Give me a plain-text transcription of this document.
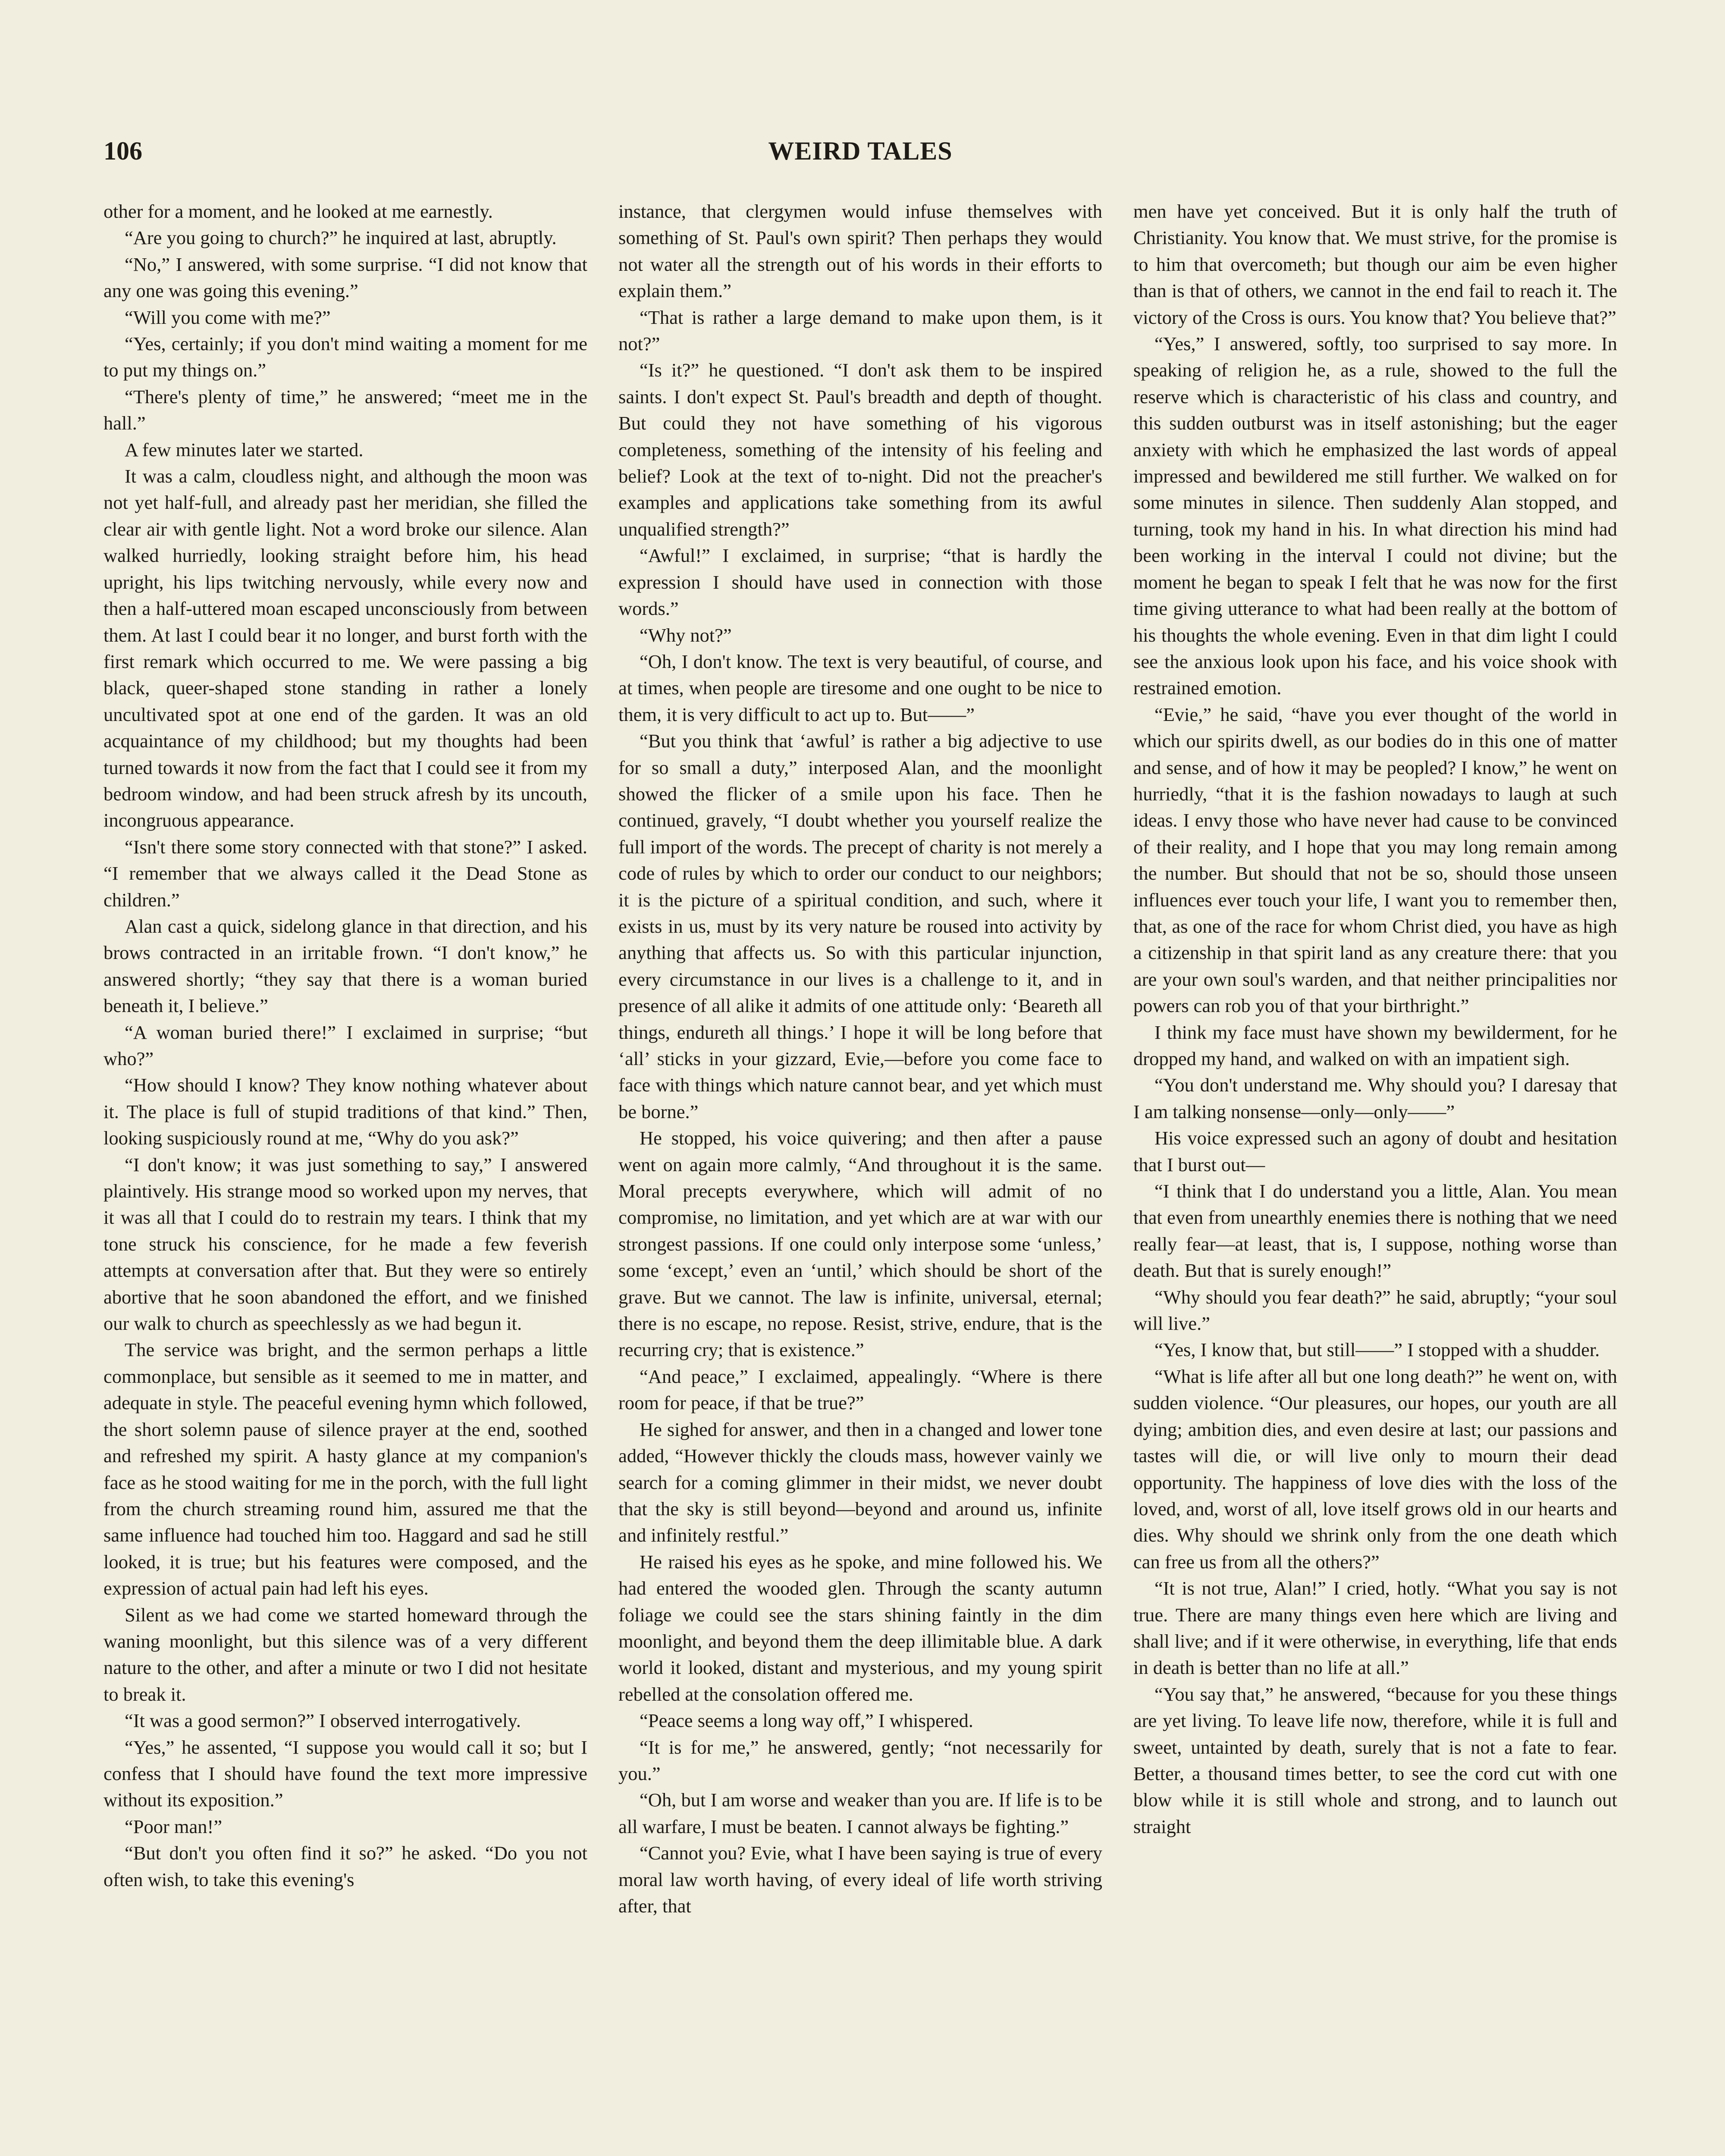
106	WEIRD TALES

other for a moment, and he looked at me earnestly.

“Are you going to church?” he inquired at last, abruptly.

“No,” I answered, with some surprise. “I did not know that any one was going this evening.”

“Will you come with me?”

“Yes, certainly; if you don't mind waiting a moment for me to put my things on.”

“There's plenty of time,” he answered; “meet me in the hall.”

A few minutes later we started.

It was a calm, cloudless night, and although the moon was not yet half-full, and already past her meridian, she filled the clear air with gentle light. Not a word broke our silence. Alan walked hurriedly, looking straight before him, his head upright, his lips twitching nervously, while every now and then a half-uttered moan escaped unconsciously from between them. At last I could bear it no longer, and burst forth with the first remark which occurred to me. We were passing a big black, queer-shaped stone standing in rather a lonely uncultivated spot at one end of the garden. It was an old acquaintance of my childhood; but my thoughts had been turned towards it now from the fact that I could see it from my bedroom window, and had been struck afresh by its uncouth, incongruous appearance.

“Isn't there some story connected with that stone?” I asked. “I remember that we always called it the Dead Stone as children.”

Alan cast a quick, sidelong glance in that direction, and his brows contracted in an irritable frown. “I don't know,” he answered shortly; “they say that there is a woman buried beneath it, I believe.”

“A woman buried there!” I exclaimed in surprise; “but who?”

“How should I know? They know nothing whatever about it. The place is full of stupid traditions of that kind.” Then, looking suspiciously round at me, “Why do you ask?”

“I don't know; it was just something to say,” I answered plaintively. His strange mood so worked upon my nerves, that it was all that I could do to restrain my tears. I think that my tone struck his conscience, for he made a few feverish attempts at conversation after that. But they were so entirely abortive that he soon abandoned the effort, and we finished our walk to church as speechlessly as we had begun it.

The service was bright, and the sermon perhaps a little commonplace, but sensible as it seemed to me in matter, and adequate in style. The peaceful evening hymn which followed, the short solemn pause of silence prayer at the end, soothed and refreshed my spirit. A hasty glance at my companion's face as he stood waiting for me in the porch, with the full light from the church streaming round him, assured me that the same influence had touched him too. Haggard and sad he still looked, it is true; but his features were composed, and the expression of actual pain had left his eyes.

Silent as we had come we started homeward through the waning moonlight, but this silence was of a very different nature to the other, and after a minute or two I did not hesitate to break it.

“It was a good sermon?” I observed interrogatively.

“Yes,” he assented, “I suppose you would call it so; but I confess that I should have found the text more impressive without its exposition.”

“Poor man!”

“But don't you often find it so?” he asked. “Do you not often wish, to take this evening's

instance, that clergymen would infuse themselves with something of St. Paul's own spirit? Then perhaps they would not water all the strength out of his words in their efforts to explain them.”

“That is rather a large demand to make upon them, is it not?”

“Is it?” he questioned. “I don't ask them to be inspired saints. I don't expect St. Paul's breadth and depth of thought. But could they not have something of his vigorous completeness, something of the intensity of his feeling and belief? Look at the text of to-night. Did not the preacher's examples and applications take something from its awful unqualified strength?”

“Awful!” I exclaimed, in surprise; “that is hardly the expression I should have used in connection with those words.”

“Why not?”

“Oh, I don't know. The text is very beautiful, of course, and at times, when people are tiresome and one ought to be nice to them, it is very difficult to act up to. But——”

“But you think that ‘awful’ is rather a big adjective to use for so small a duty,” interposed Alan, and the moonlight showed the flicker of a smile upon his face. Then he continued, gravely, “I doubt whether you yourself realize the full import of the words. The precept of charity is not merely a code of rules by which to order our conduct to our neighbors; it is the picture of a spiritual condition, and such, where it exists in us, must by its very nature be roused into activity by anything that affects us. So with this particular injunction, every circumstance in our lives is a challenge to it, and in presence of all alike it admits of one attitude only: ‘Beareth all things, endureth all things.’ I hope it will be long before that ‘all’ sticks in your gizzard, Evie,—before you come face to face with things which nature cannot bear, and yet which must be borne.”

He stopped, his voice quivering; and then after a pause went on again more calmly, “And throughout it is the same. Moral precepts everywhere, which will admit of no compromise, no limitation, and yet which are at war with our strongest passions. If one could only interpose some ‘unless,’ some ‘except,’ even an ‘until,’ which should be short of the grave. But we cannot. The law is infinite, universal, eternal; there is no escape, no repose. Resist, strive, endure, that is the recurring cry; that is existence.”

“And peace,” I exclaimed, appealingly. “Where is there room for peace, if that be true?”

He sighed for answer, and then in a changed and lower tone added, “However thickly the clouds mass, however vainly we search for a coming glimmer in their midst, we never doubt that the sky is still beyond—beyond and around us, infinite and infinitely restful.”

He raised his eyes as he spoke, and mine followed his. We had entered the wooded glen. Through the scanty autumn foliage we could see the stars shining faintly in the dim moonlight, and beyond them the deep illimitable blue. A dark world it looked, distant and mysterious, and my young spirit rebelled at the consolation offered me.

“Peace seems a long way off,” I whispered.

“It is for me,” he answered, gently; “not necessarily for you.”

“Oh, but I am worse and weaker than you are. If life is to be all warfare, I must be beaten. I cannot always be fighting.”

“Cannot you? Evie, what I have been saying is true of every moral law worth having, of every ideal of life worth striving after, that

men have yet conceived. But it is only half the truth of Christianity. You know that. We must strive, for the promise is to him that overcometh; but though our aim be even higher than is that of others, we cannot in the end fail to reach it. The victory of the Cross is ours. You know that? You believe that?”

“Yes,” I answered, softly, too surprised to say more. In speaking of religion he, as a rule, showed to the full the reserve which is characteristic of his class and country, and this sudden outburst was in itself astonishing; but the eager anxiety with which he emphasized the last words of appeal impressed and bewildered me still further. We walked on for some minutes in silence. Then suddenly Alan stopped, and turning, took my hand in his. In what direction his mind had been working in the interval I could not divine; but the moment he began to speak I felt that he was now for the first time giving utterance to what had been really at the bottom of his thoughts the whole evening. Even in that dim light I could see the anxious look upon his face, and his voice shook with restrained emotion.

“Evie,” he said, “have you ever thought of the world in which our spirits dwell, as our bodies do in this one of matter and sense, and of how it may be peopled? I know,” he went on hurriedly, “that it is the fashion nowadays to laugh at such ideas. I envy those who have never had cause to be convinced of their reality, and I hope that you may long remain among the number. But should that not be so, should those unseen influences ever touch your life, I want you to remember then, that, as one of the race for whom Christ died, you have as high a citizenship in that spirit land as any creature there: that you are your own soul's warden, and that neither principalities nor powers can rob you of that your birthright.”

I think my face must have shown my bewilderment, for he dropped my hand, and walked on with an impatient sigh.

“You don't understand me. Why should you? I daresay that I am talking nonsense—only—only——”

His voice expressed such an agony of doubt and hesitation that I burst out—

“I think that I do understand you a little, Alan. You mean that even from unearthly enemies there is nothing that we need really fear—at least, that is, I suppose, nothing worse than death. But that is surely enough!”

“Why should you fear death?” he said, abruptly; “your soul will live.”

“Yes, I know that, but still——” I stopped with a shudder.

“What is life after all but one long death?” he went on, with sudden violence. “Our pleasures, our hopes, our youth are all dying; ambition dies, and even desire at last; our passions and tastes will die, or will live only to mourn their dead opportunity. The happiness of love dies with the loss of the loved, and, worst of all, love itself grows old in our hearts and dies. Why should we shrink only from the one death which can free us from all the others?”

“It is not true, Alan!” I cried, hotly. “What you say is not true. There are many things even here which are living and shall live; and if it were otherwise, in everything, life that ends in death is better than no life at all.”

“You say that,” he answered, “because for you these things are yet living. To leave life now, therefore, while it is full and sweet, untainted by death, surely that is not a fate to fear. Better, a thousand times better, to see the cord cut with one blow while it is still whole and strong, and to launch out straight
